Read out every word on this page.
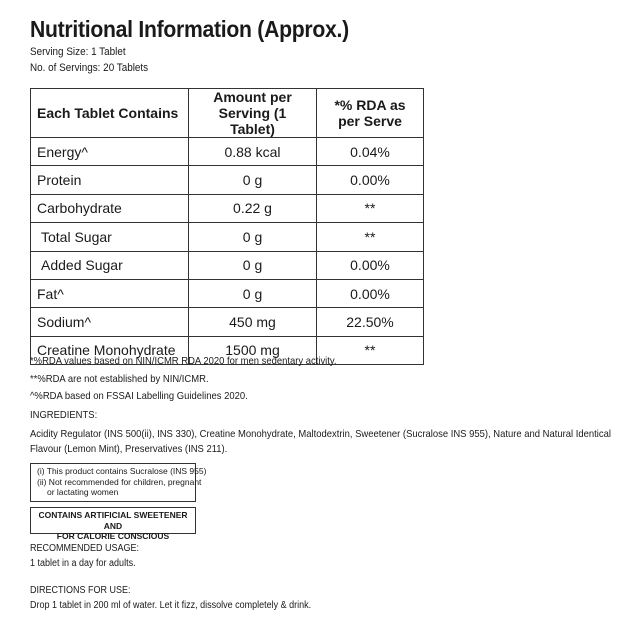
Nutritional Information (Approx.)
Serving Size: 1 Tablet
No. of Servings: 20 Tablets
Each Tablet Contains	Amount per Serving (1 Tablet)	*% RDA as per Serve
Energy^	0.88 kcal	0.04%
Protein	0 g	0.00%
Carbohydrate	0.22 g	**
Total Sugar	0 g	**
Added Sugar	0 g	0.00%
Fat^	0 g	0.00%
Sodium^	450 mg	22.50%
Creatine Monohydrate	1500 mg	**
*%RDA values based on NIN/ICMR RDA 2020 for men sedentary activity.
**%RDA are not established by NIN/ICMR.
^%RDA based on FSSAI Labelling Guidelines 2020.
INGREDIENTS:
Acidity Regulator (INS 500(ii), INS 330), Creatine Monohydrate, Maltodextrin, Sweetener (Sucralose INS 955), Nature and Natural Identical Flavour (Lemon Mint), Preservatives (INS 211).
(i) This product contains Sucralose (INS 955)
(ii) Not recommended for children, pregnant
or lactating women
CONTAINS ARTIFICIAL SWEETENER AND
FOR CALORIE CONSCIOUS
RECOMMENDED USAGE:
1 tablet in a day for adults.
DIRECTIONS FOR USE:
Drop 1 tablet in 200 ml of water. Let it fizz, dissolve completely & drink.
